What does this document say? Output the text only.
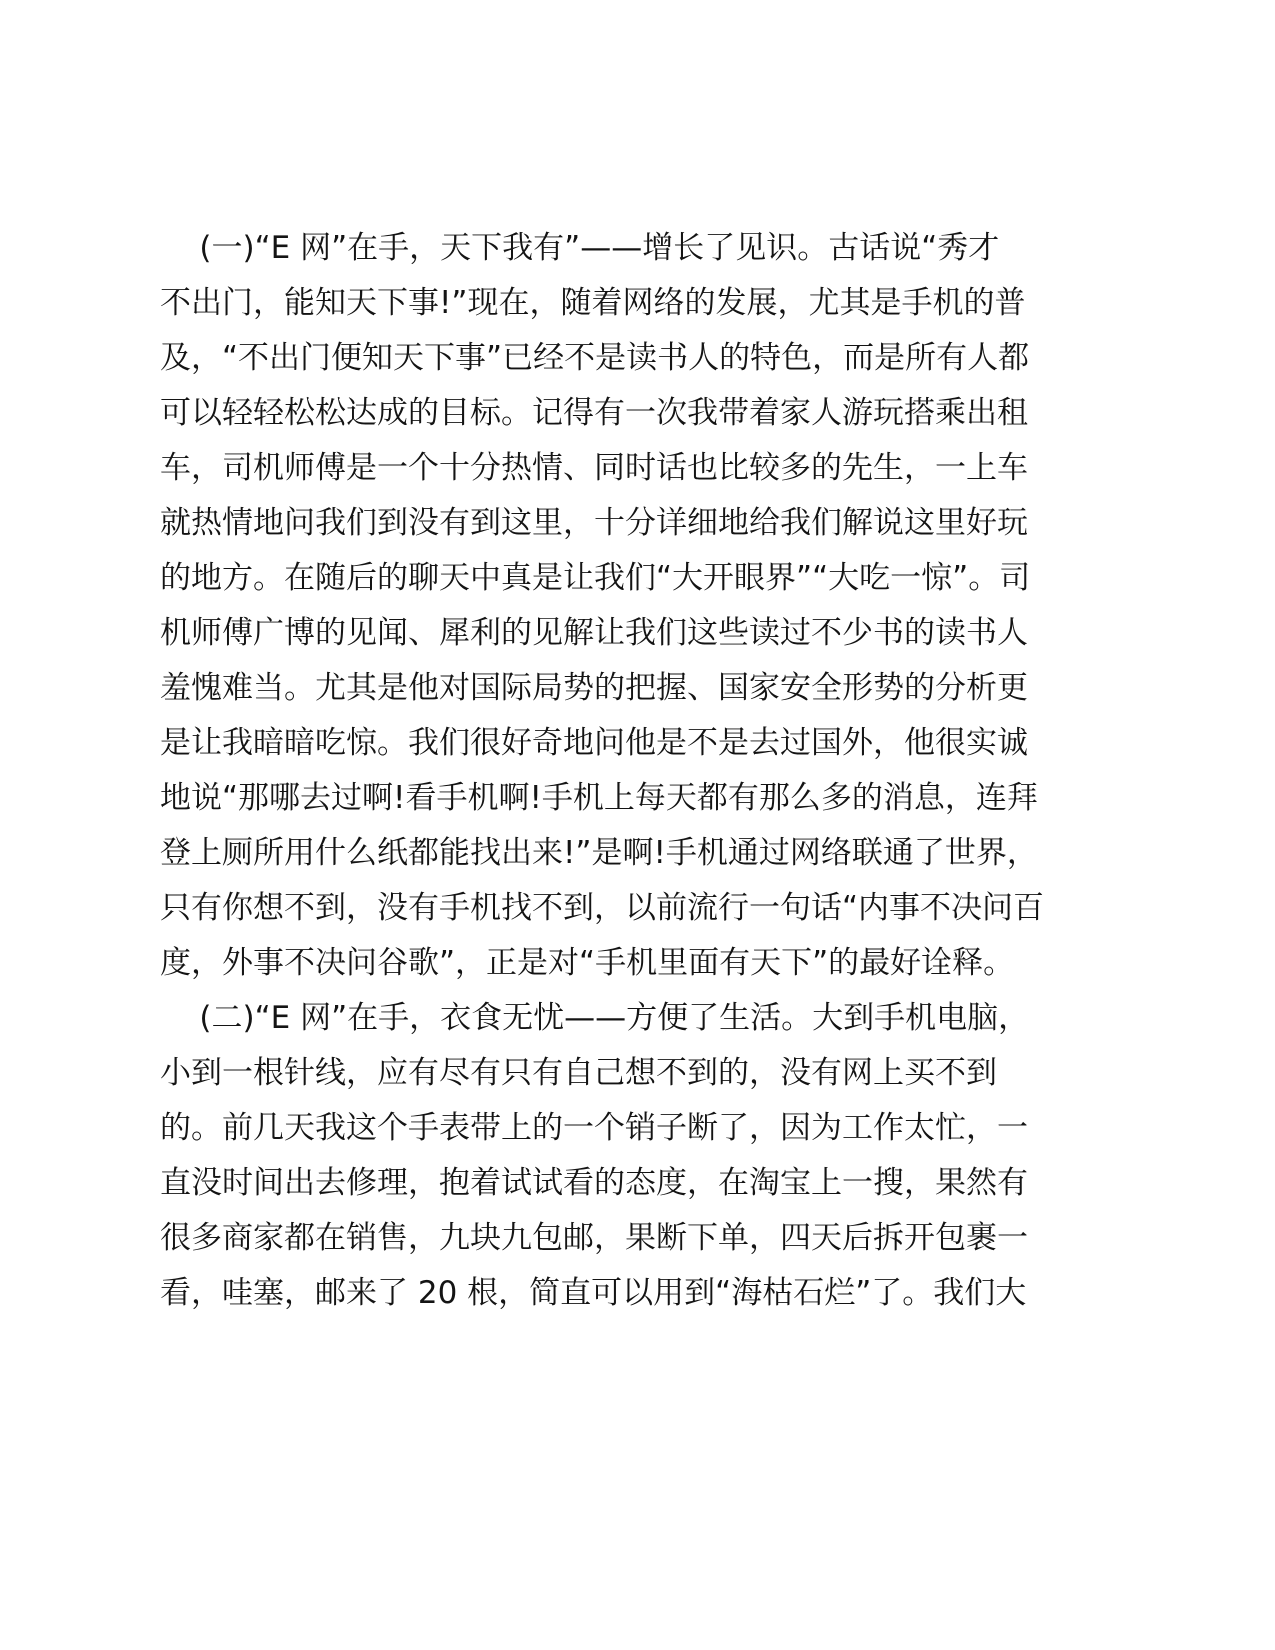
(一)“E 网”在手，天下我有”——增长了见识。古话说“秀才
不出门，能知天下事!”现在，随着网络的发展，尤其是手机的普
及，“不出门便知天下事”已经不是读书人的特色，而是所有人都
可以轻轻松松达成的目标。记得有一次我带着家人游玩搭乘出租
车，司机师傅是一个十分热情、同时话也比较多的先生，一上车
就热情地问我们到没有到这里，十分详细地给我们解说这里好玩
的地方。在随后的聊天中真是让我们“大开眼界”“大吃一惊”。司
机师傅广博的见闻、犀利的见解让我们这些读过不少书的读书人
羞愧难当。尤其是他对国际局势的把握、国家安全形势的分析更
是让我暗暗吃惊。我们很好奇地问他是不是去过国外，他很实诚
地说“那哪去过啊!看手机啊!手机上每天都有那么多的消息，连拜
登上厕所用什么纸都能找出来!”是啊!手机通过网络联通了世界，
只有你想不到，没有手机找不到，以前流行一句话“内事不决问百
度，外事不决问谷歌”，正是对“手机里面有天下”的最好诠释。
(二)“E 网”在手，衣食无忧——方便了生活。大到手机电脑，
小到一根针线，应有尽有只有自己想不到的，没有网上买不到
的。前几天我这个手表带上的一个销子断了，因为工作太忙，一
直没时间出去修理，抱着试试看的态度，在淘宝上一搜，果然有
很多商家都在销售，九块九包邮，果断下单，四天后拆开包裹一
看，哇塞，邮来了 20 根，简直可以用到“海枯石烂”了。我们大
